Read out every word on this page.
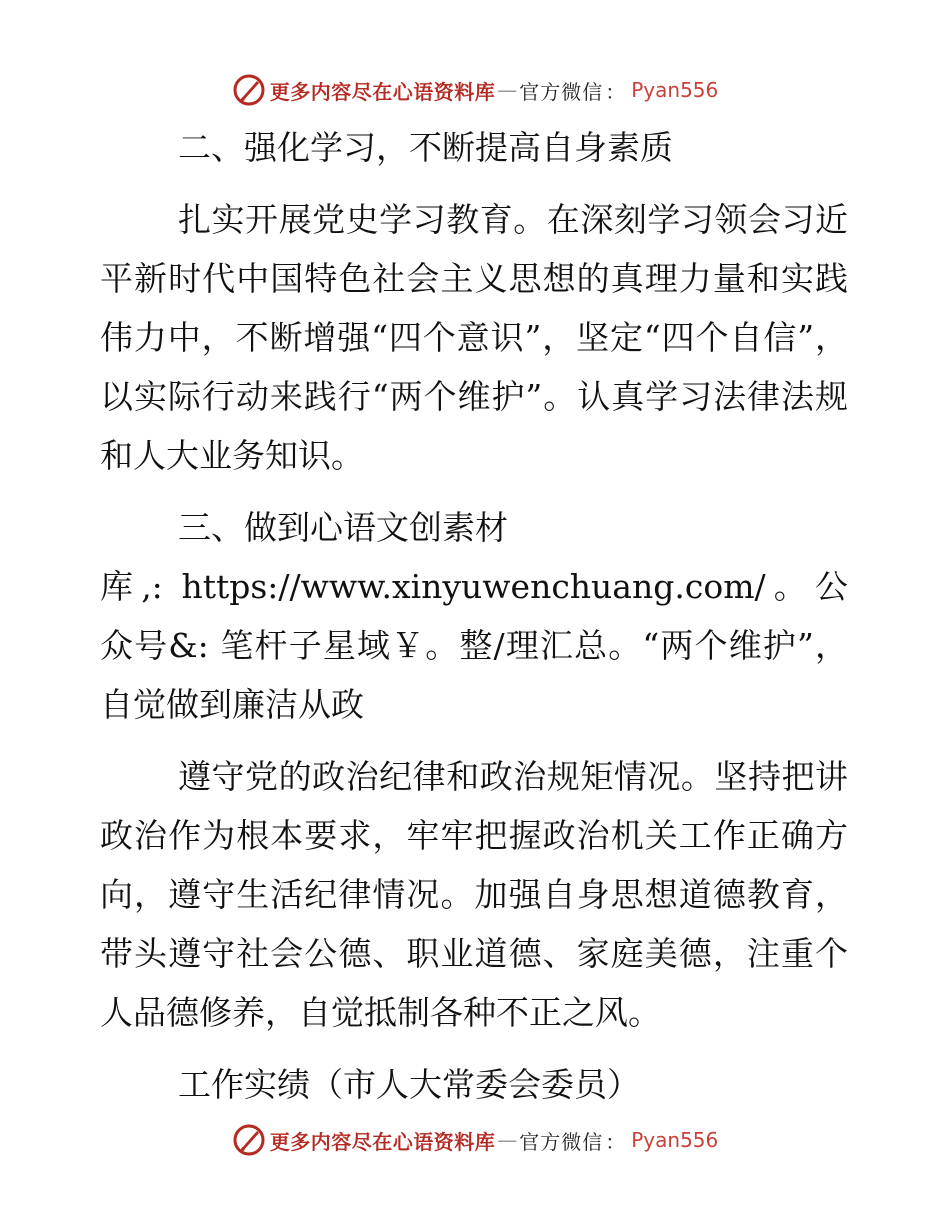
更多内容尽在心语资料库 — 官方微信 ： Pyan556

二、强化学习，不断提高自身素质

扎实开展党史学习教育。在深刻学习领会习近平新时代中国特色社会主义思想的真理力量和实践伟力中，不断增强“四个意识”，坚定“四个自信”，以实际行动来践行“两个维护”。认真学习法律法规和人大业务知识。

三、做到心语文创素材

库,: https://www.xinyuwenchuang.com/。公众号&: 笔杆子星域￥。整/理汇总。“两个维护”，自觉做到廉洁从政

遵守党的政治纪律和政治规矩情况。坚持把讲政治作为根本要求，牢牢把握政治机关工作正确方向，遵守生活纪律情况。加强自身思想道德教育，带头遵守社会公德、职业道德、家庭美德，注重个人品德修养，自觉抵制各种不正之风。

工作实绩（市人大常委会委员）

更多内容尽在心语资料库 — 官方微信 ： Pyan556
